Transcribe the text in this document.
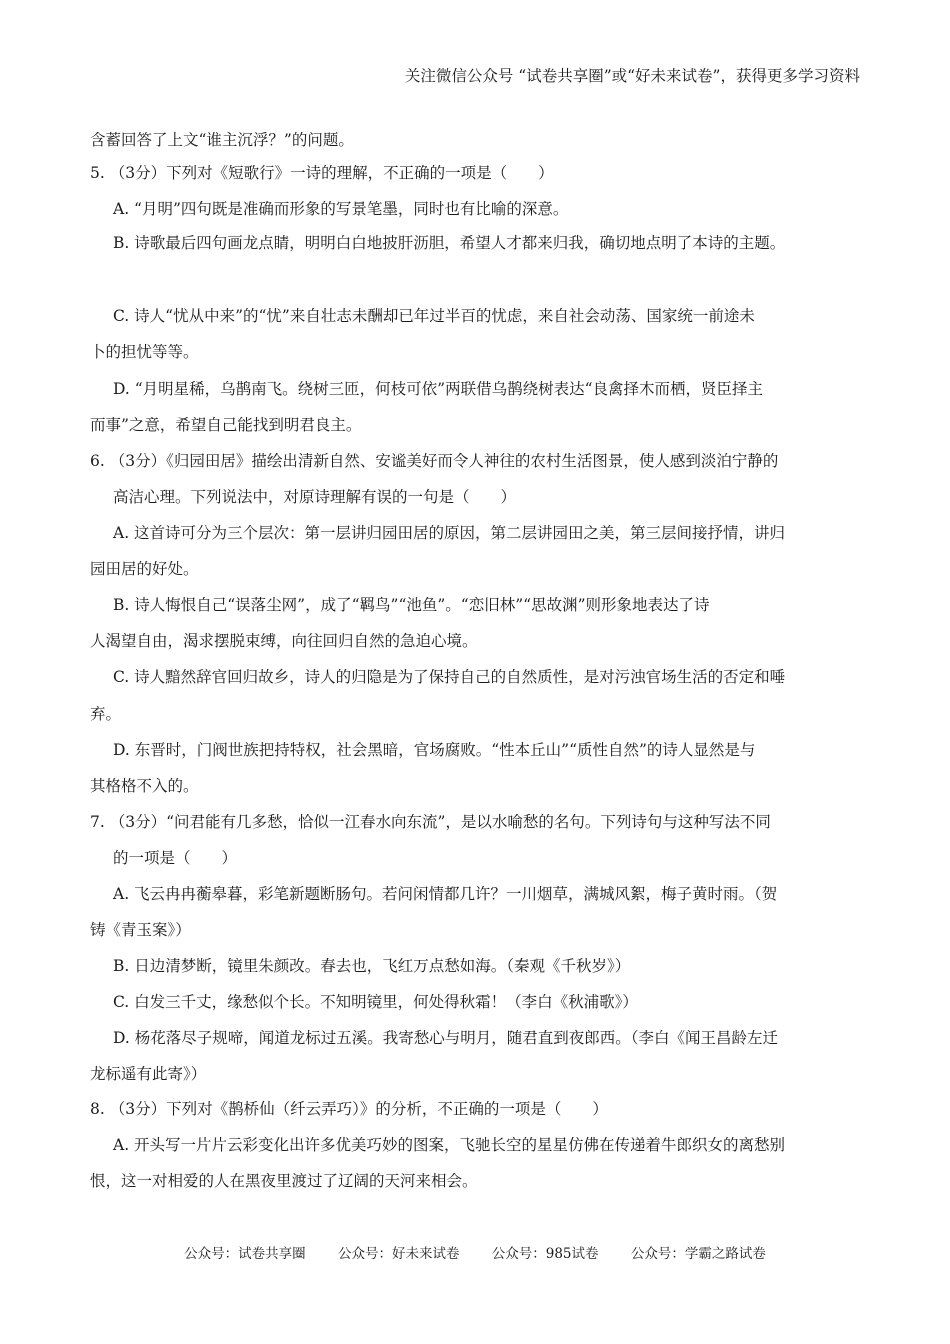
关注微信公众号 “试卷共享圈”或“好未来试卷”，获得更多学习资料
含蓄回答了上文“谁主沉浮？”的问题。
5. （3分）下列对《短歌行》一诗的理解，不正确的一项是（　　）
A. “月明”四句既是准确而形象的写景笔墨，同时也有比喻的深意。
B. 诗歌最后四句画龙点睛，明明白白地披肝沥胆，希望人才都来归我，确切地点明了本诗的主题。
C. 诗人“忧从中来”的“忧”来自壮志未酬却已年过半百的忧虑，来自社会动荡、国家统一前途未
卜的担忧等等。
D. “月明星稀，乌鹊南飞。绕树三匝，何枝可依”两联借乌鹊绕树表达“良禽择木而栖，贤臣择主
而事”之意，希望自己能找到明君良主。
6. （3分）《归园田居》描绘出清新自然、安谧美好而令人神往的农村生活图景，使人感到淡泊宁静的
高洁心理。下列说法中，对原诗理解有误的一句是（　　）
A. 这首诗可分为三个层次：第一层讲归园田居的原因，第二层讲园田之美，第三层间接抒情，讲归
园田居的好处。
B. 诗人悔恨自己“误落尘网”，成了“羁鸟”“池鱼”。“恋旧林”“思故渊”则形象地表达了诗
人渴望自由，渴求摆脱束缚，向往回归自然的急迫心境。
C. 诗人黯然辞官回归故乡，诗人的归隐是为了保持自己的自然质性，是对污浊官场生活的否定和唾
弃。
D. 东晋时，门阀世族把持特权，社会黑暗，官场腐败。“性本丘山”“质性自然”的诗人显然是与
其格格不入的。
7. （3分）“问君能有几多愁，恰似一江春水向东流”，是以水喻愁的名句。下列诗句与这种写法不同
的一项是（　　）
A. 飞云冉冉蘅皋暮，彩笔新题断肠句。若问闲情都几许？一川烟草，满城风絮，梅子黄时雨。（贺
铸《青玉案》）
B. 日边清梦断，镜里朱颜改。春去也，飞红万点愁如海。（秦观《千秋岁》）
C. 白发三千丈，缘愁似个长。不知明镜里，何处得秋霜！（李白《秋浦歌》）
D. 杨花落尽子规啼，闻道龙标过五溪。我寄愁心与明月，随君直到夜郎西。（李白《闻王昌龄左迁
龙标遥有此寄》）
8. （3分）下列对《鹊桥仙（纤云弄巧）》的分析，不正确的一项是（　　）
A. 开头写一片片云彩变化出许多优美巧妙的图案，飞驰长空的星星仿佛在传递着牛郎织女的离愁别
恨，这一对相爱的人在黑夜里渡过了辽阔的天河来相会。
公众号：试卷共享圈 公众号：好未来试卷 公众号：985试卷 公众号：学霸之路试卷
